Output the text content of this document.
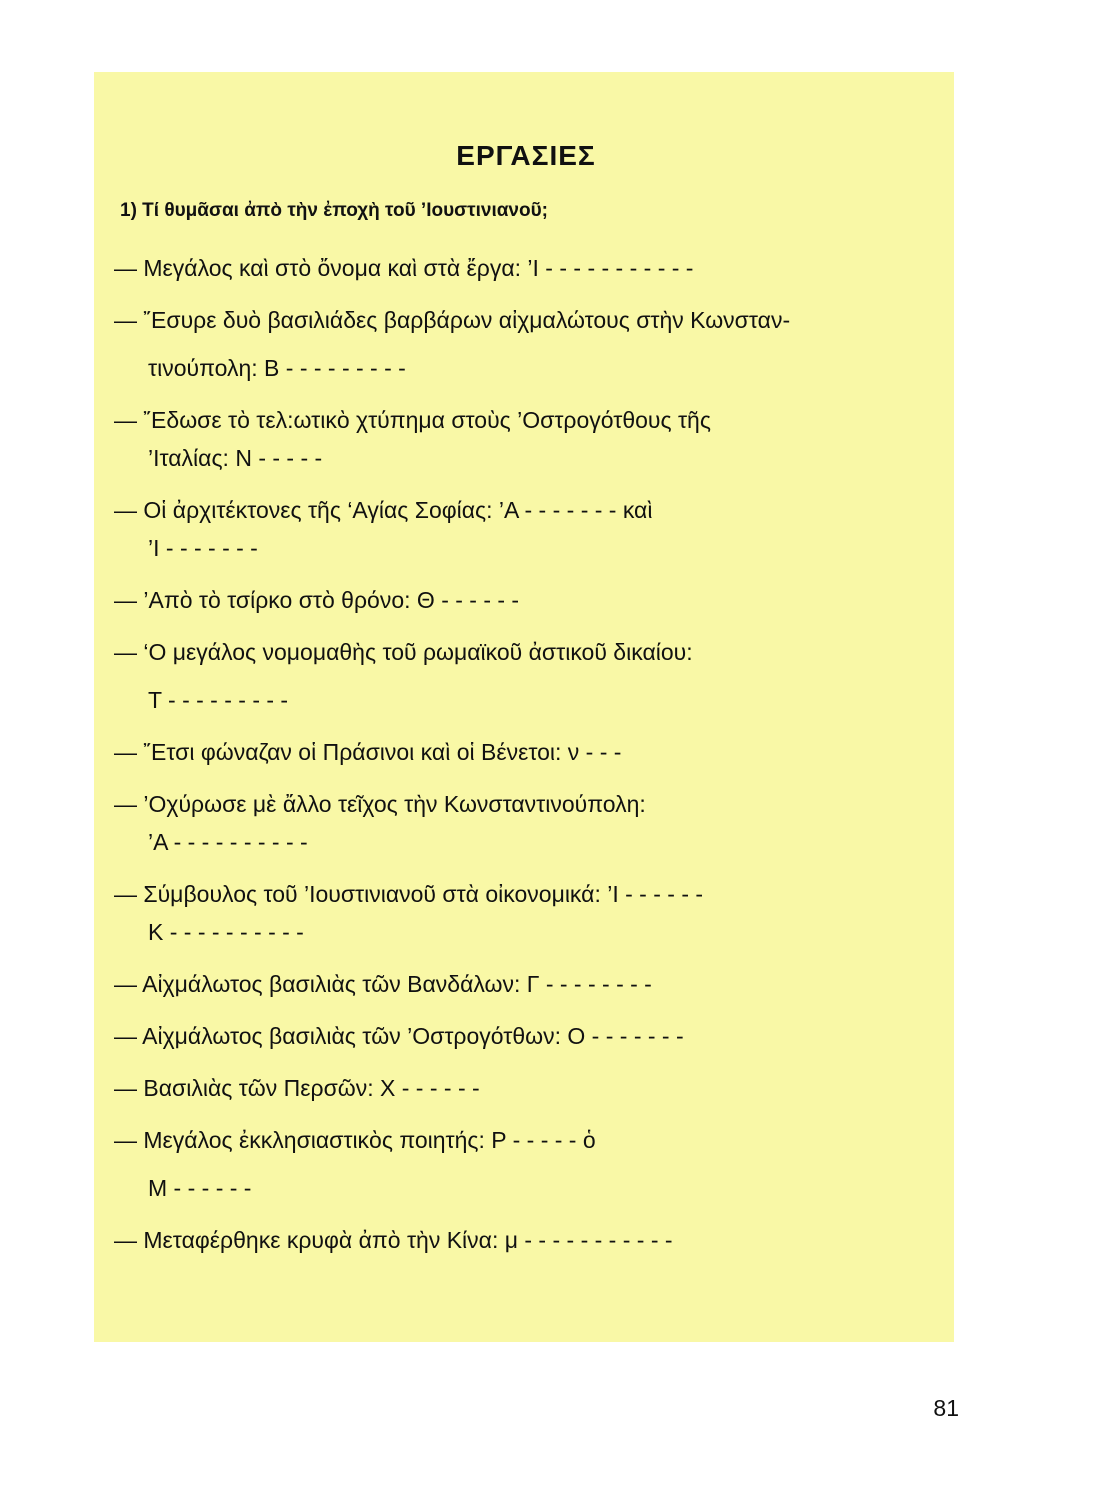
ΕΡΓΑΣΙΕΣ
1) Τί θυμᾶσαι ἀπὸ τὴν ἐποχὴ τοῦ ’Ιουστινιανοῦ;
— Μεγάλος καὶ στὸ ὄνομα καὶ στὰ ἔργα: ’Ι - - - - - - - - - - -
— ῎Εσυρε δυὸ βασιλιάδες βαρβάρων αἰχμαλώτους στὴν Κωνσταν-
τινούπολη: Β - - - - - - - - -
— ῎Εδωσε τὸ τελ:ωτικὸ χτύπημα στοὺς ’Οστρογότθους τῆς
’Ιταλίας: Ν - - - - -
— Οἱ ἀρχιτέκτονες τῆς ‘Αγίας Σοφίας: ’Α - - - - - - - καὶ
’Ι - - - - - - -
— ’Απὸ τὸ τσίρκο στὸ θρόνο: Θ - - - - - -
— ‘Ο μεγάλος νομομαθὴς τοῦ ρωμαϊκοῦ ἀστικοῦ δικαίου:
Τ - - - - - - - - -
— ῎Ετσι φώναζαν οἱ Πράσινοι καὶ οἱ Βένετοι: ν - - -
— ’Οχύρωσε μὲ ἄλλο τεῖχος τὴν Κωνσταντινούπολη:
’Α - - - - - - - - - -
— Σύμβουλος τοῦ ’Ιουστινιανοῦ στὰ οἰκονομικά: ’Ι - - - - - -
Κ - - - - - - - - - -
— Αἰχμάλωτος βασιλιὰς τῶν Βανδάλων: Γ - - - - - - - -
— Αἰχμάλωτος βασιλιὰς τῶν ’Οστρογότθων: Ο - - - - - - -
— Βασιλιὰς τῶν Περσῶν: Χ - - - - - -
— Μεγάλος ἐκκλησιαστικὸς ποιητής: Ρ - - - - - ὁ
Μ - - - - - -
— Μεταφέρθηκε κρυφὰ ἀπὸ τὴν Κίνα: μ - - - - - - - - - - -
81
